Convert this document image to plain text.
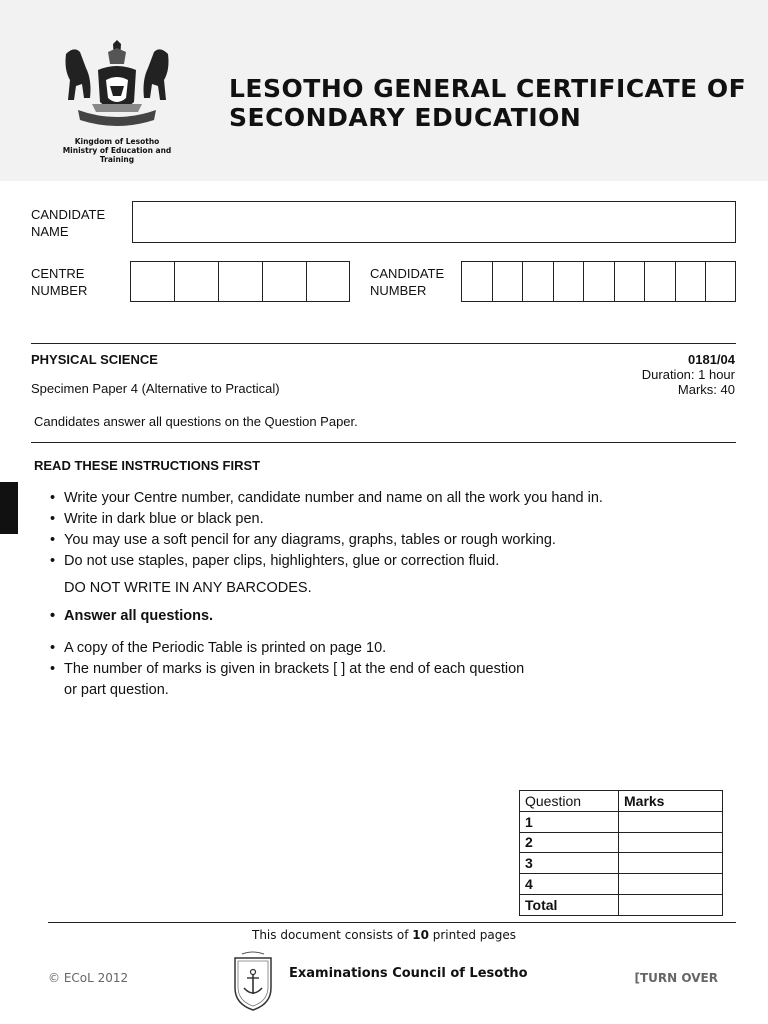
Kingdom of Lesotho
Ministry of Education and Training
LESOTHO GENERAL CERTIFICATE OF
SECONDARY EDUCATION
CANDIDATE
NAME
CENTRE
NUMBER
CANDIDATE
NUMBER
PHYSICAL SCIENCE
Specimen Paper 4 (Alternative to Practical)
0181/04
Duration: 1 hour
Marks: 40
Candidates answer all questions on the Question Paper.
READ THESE INSTRUCTIONS FIRST
• Write your Centre number, candidate number and name on all the work you hand in.
• Write in dark blue or black pen.
• You may use a soft pencil for any diagrams, graphs, tables or rough working.
• Do not use staples, paper clips, highlighters, glue or correction fluid.
DO NOT WRITE IN ANY BARCODES.
• Answer all questions.
• A copy of the Periodic Table is printed on page 10.
• The number of marks is given in brackets [ ] at the end of each question
or part question.
Question	Marks
1	
2	
3	
4	
Total	
This document consists of 10 printed pages
© ECoL 2012	Examinations Council of Lesotho	[TURN OVER
